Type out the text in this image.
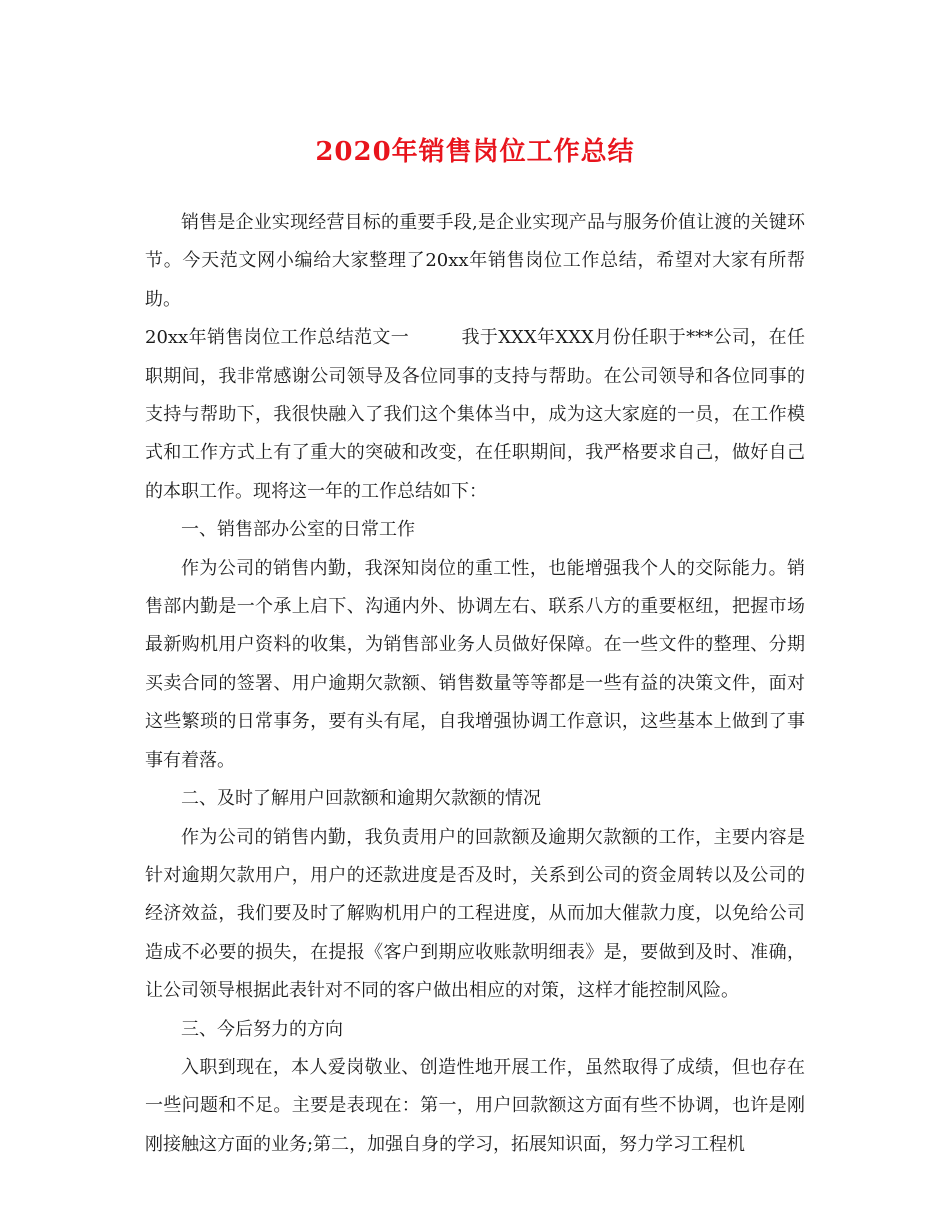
2020年销售岗位工作总结

销售是企业实现经营目标的重要手段,是企业实现产品与服务价值让渡的关键环节。今天范文网小编给大家整理了20xx年销售岗位工作总结，希望对大家有所帮助。

20xx年销售岗位工作总结范文一	我于XXX年XXX月份任职于***公司，在任职期间，我非常感谢公司领导及各位同事的支持与帮助。在公司领导和各位同事的支持与帮助下，我很快融入了我们这个集体当中，成为这大家庭的一员，在工作模式和工作方式上有了重大的突破和改变，在任职期间，我严格要求自己，做好自己的本职工作。现将这一年的工作总结如下：

一、销售部办公室的日常工作

作为公司的销售内勤，我深知岗位的重工性，也能增强我个人的交际能力。销售部内勤是一个承上启下、沟通内外、协调左右、联系八方的重要枢纽，把握市场最新购机用户资料的收集，为销售部业务人员做好保障。在一些文件的整理、分期买卖合同的签署、用户逾期欠款额、销售数量等等都是一些有益的决策文件，面对这些繁琐的日常事务，要有头有尾，自我增强协调工作意识，这些基本上做到了事事有着落。

二、及时了解用户回款额和逾期欠款额的情况

作为公司的销售内勤，我负责用户的回款额及逾期欠款额的工作，主要内容是针对逾期欠款用户，用户的还款进度是否及时，关系到公司的资金周转以及公司的经济效益，我们要及时了解购机用户的工程进度，从而加大催款力度，以免给公司造成不必要的损失，在提报《客户到期应收账款明细表》是，要做到及时、准确，让公司领导根据此表针对不同的客户做出相应的对策，这样才能控制风险。

三、今后努力的方向

入职到现在，本人爱岗敬业、创造性地开展工作，虽然取得了成绩，但也存在一些问题和不足。主要是表现在：第一，用户回款额这方面有些不协调，也许是刚刚接触这方面的业务;第二，加强自身的学习，拓展知识面，努力学习工程机
